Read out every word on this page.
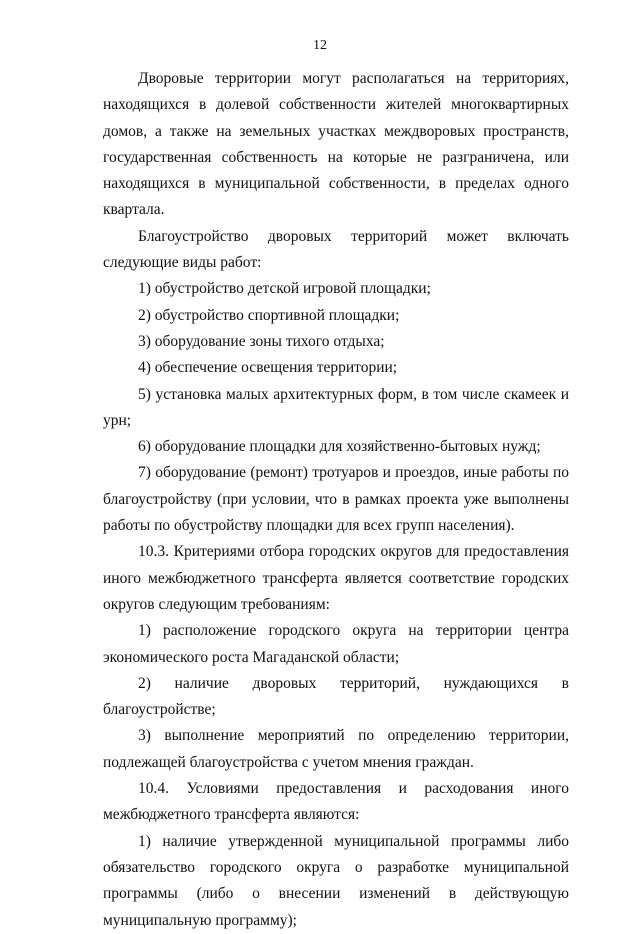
12

Дворовые территории могут располагаться на территориях, находящихся в долевой собственности жителей многоквартирных домов, а также на земельных участках междворовых пространств, государственная собственность на которые не разграничена, или находящихся в муниципальной собственности, в пределах одного квартала.

Благоустройство дворовых территорий может включать следующие виды работ:

1) обустройство детской игровой площадки;

2) обустройство спортивной площадки;

3) оборудование зоны тихого отдыха;

4) обеспечение освещения территории;

5) установка малых архитектурных форм, в том числе скамеек и урн;

6) оборудование площадки для хозяйственно-бытовых нужд;

7) оборудование (ремонт) тротуаров и проездов, иные работы по благоустройству (при условии, что в рамках проекта уже выполнены работы по обустройству площадки для всех групп населения).

10.3. Критериями отбора городских округов для предоставления иного межбюджетного трансферта является соответствие городских округов следующим требованиям:

1) расположение городского округа на территории центра экономического роста Магаданской области;

2) наличие дворовых территорий, нуждающихся в благоустройстве;

3) выполнение мероприятий по определению территории, подлежащей благоустройства с учетом мнения граждан.

10.4. Условиями предоставления и расходования иного межбюджетного трансферта являются:

1) наличие утвержденной муниципальной программы либо обязательство городского округа о разработке муниципальной программы (либо о внесении изменений в действующую муниципальную программу);
